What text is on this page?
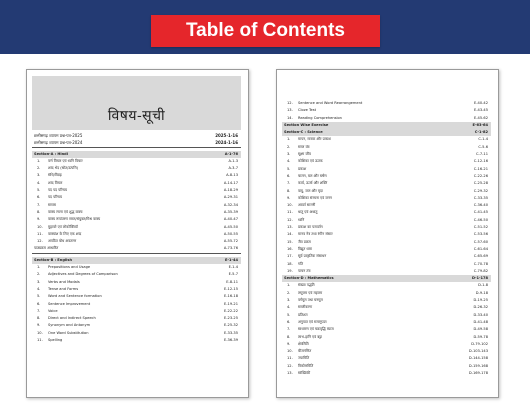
Table of Contents
विषय-सूची
छत्तीसगढ़ व्यापम प्रश्न-पत्र-2025	2025-1-16
छत्तीसगढ़ व्यापम प्रश्न-पत्र-2024	2024-1-16
Section-A : Hindi	A-1-76
1. वर्ण विचार एवं ध्वनि विचार	A-1-3
2. शब्द भेद (स्रोत/उत्पत्ति)	A-3-7
3. संधि/विग्रह	A-8-13
4. शब्द विचार	A-14-17
5. पद पद परिचय	A-18-29
6. पद परिचय	A-29-31
7. समास	A-32-34
8. वाक्य रचना एवं शुद्ध वाक्य	A-35-39
9. वाक्य रूपांतरण सरल/संयुक्त/मिश्र वाक्य	A-40-47
10. मुहावरे एवं लोकोक्तियाँ	A-45-50
11. वाक्यांश के लिए एक शब्द	A-50-55
12. अपठित बोध अवतरण	A-55-72
पाठ्यक्रम आधारित	A-73-76
Section-B : English	E-1-44
1. Prepositions and Usage	E-1-4
2. Adjectives and Degrees of Comparison	E-5-7
3. Verbs and Modals	E-8-11
4. Tense and Forms	E-12-15
5. Word and Sentence formation	E-16-18
6. Sentence Improvement	E-19-21
7. Voice	E-22-22
8. Direct and Indirect Speech	E-23-25
9. Synonym and Antonym	E-25-32
10. One Word Substitution	E-33-35
11. Spelling	E-36-39
12. Sentence and Word Rearrangement	E-40-42
13. Cloze Test	E-43-45
14. Reading Comprehension	E-45-62
Section Wise Exercise	E-63-64
Section-C : Science	C-1-82
1. मापन, मात्रक और प्रकाश	C-1-4
2. सरल यंत्र	C-5-6
3. सूक्ष्म जीव	C-7-11
4. कोशिका एवं ऊतक	C-12-16
5. प्रकाश	C-16-21
6. चालन, बल और घर्षण	C-22-26
7. कार्य, ऊर्जा और शक्ति	C-25-28
8. वायु, जल और मृदा	C-29-32
9. कोशिका संरचना एवं जनन	C-33-35
10. आवर्त सारणी	C-36-40
11. धातु एवं अधातु	C-41-45
12. ध्वनि	C-46-50
13. प्रकाश का परावर्तन	C-51-52
14. मानव नेत्र तथा रंगीन संसार	C-53-56
15. जैव प्रक्रम	C-57-60
16. विद्युत धारा	C-61-64
17. सूर्य प्राकृतिक संसाधन	C-65-69
18. गति	C-70-78
19. पाचन तंत्र	C-79-82
Section-D : Mathematics	D-1-178
1. संख्या पद्धति	D-1-8
2. लघुत्तम एवं महत्तम	D-9-18
3. वर्गमूल तथा घनमूल	D-19-25
4. सरलीकरण	D-26-32
5. प्रतिशत	D-33-40
6. अनुपात एवं समानुपात	D-41-48
7. साधारण एवं चक्रवृद्धि ब्याज	D-49-58
8. लाभ-हानि एवं बट्टा	D-59-78
9. क्षेत्रमिति	D-79-102
10. बीजगणित	D-103-143
11. ज्यामिति	D-144-158
12. त्रिकोणमिति	D-159-168
13. सांख्यिकी	D-169-178
